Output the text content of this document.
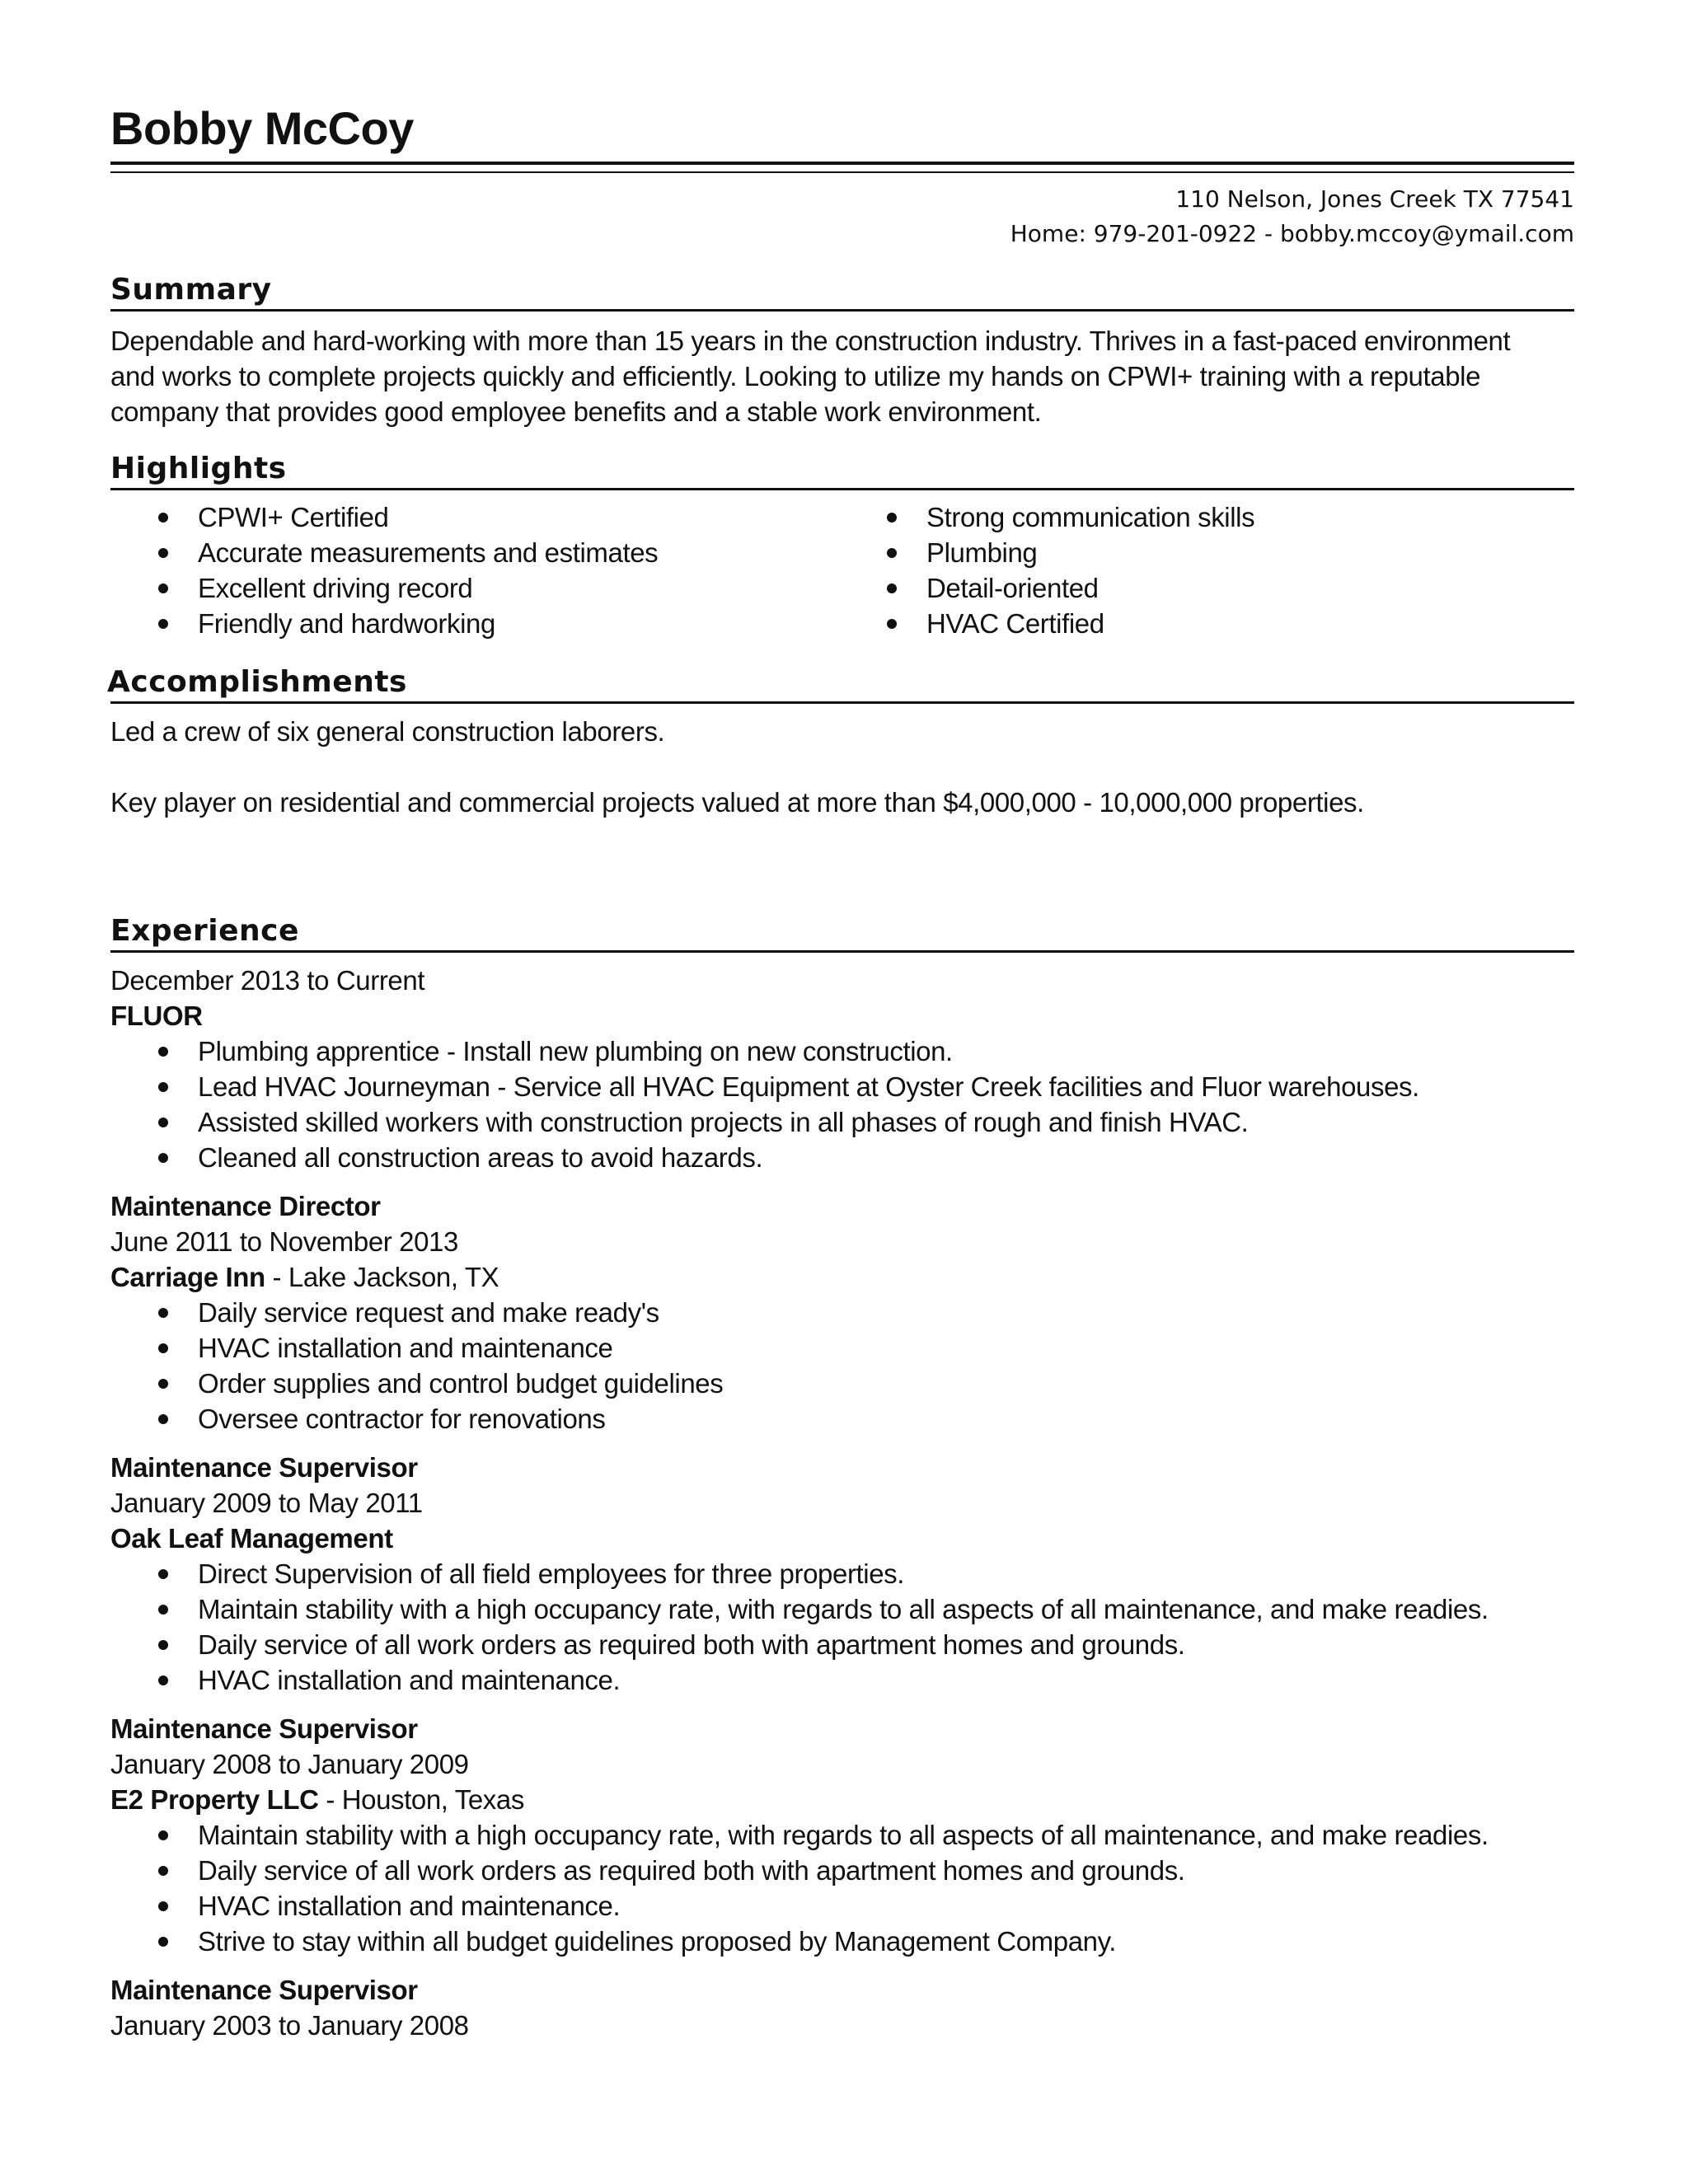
Bobby McCoy
110 Nelson, Jones Creek TX 77541
Home: 979-201-0922 - bobby.mccoy@ymail.com
Summary
Dependable and hard-working with more than 15 years in the construction industry. Thrives in a fast-paced environment
and works to complete projects quickly and efficiently. Looking to utilize my hands on CPWI+ training with a reputable
company that provides good employee benefits and a stable work environment.
Highlights
CPWI+ Certified
Accurate measurements and estimates
Excellent driving record
Friendly and hardworking
Strong communication skills
Plumbing
Detail-oriented
HVAC Certified
Accomplishments
Led a crew of six general construction laborers.
Key player on residential and commercial projects valued at more than $4,000,000 - 10,000,000 properties.
Experience
December 2013 to Current
FLUOR
Plumbing apprentice - Install new plumbing on new construction.
Lead HVAC Journeyman - Service all HVAC Equipment at Oyster Creek facilities and Fluor warehouses.
Assisted skilled workers with construction projects in all phases of rough and finish HVAC.
Cleaned all construction areas to avoid hazards.
Maintenance Director
June 2011 to November 2013
Carriage Inn - Lake Jackson, TX
Daily service request and make ready's
HVAC installation and maintenance
Order supplies and control budget guidelines
Oversee contractor for renovations
Maintenance Supervisor
January 2009 to May 2011
Oak Leaf Management
Direct Supervision of all field employees for three properties.
Maintain stability with a high occupancy rate, with regards to all aspects of all maintenance, and make readies.
Daily service of all work orders as required both with apartment homes and grounds.
HVAC installation and maintenance.
Maintenance Supervisor
January 2008 to January 2009
E2 Property LLC - Houston, Texas
Maintain stability with a high occupancy rate, with regards to all aspects of all maintenance, and make readies.
Daily service of all work orders as required both with apartment homes and grounds.
HVAC installation and maintenance.
Strive to stay within all budget guidelines proposed by Management Company.
Maintenance Supervisor
January 2003 to January 2008
